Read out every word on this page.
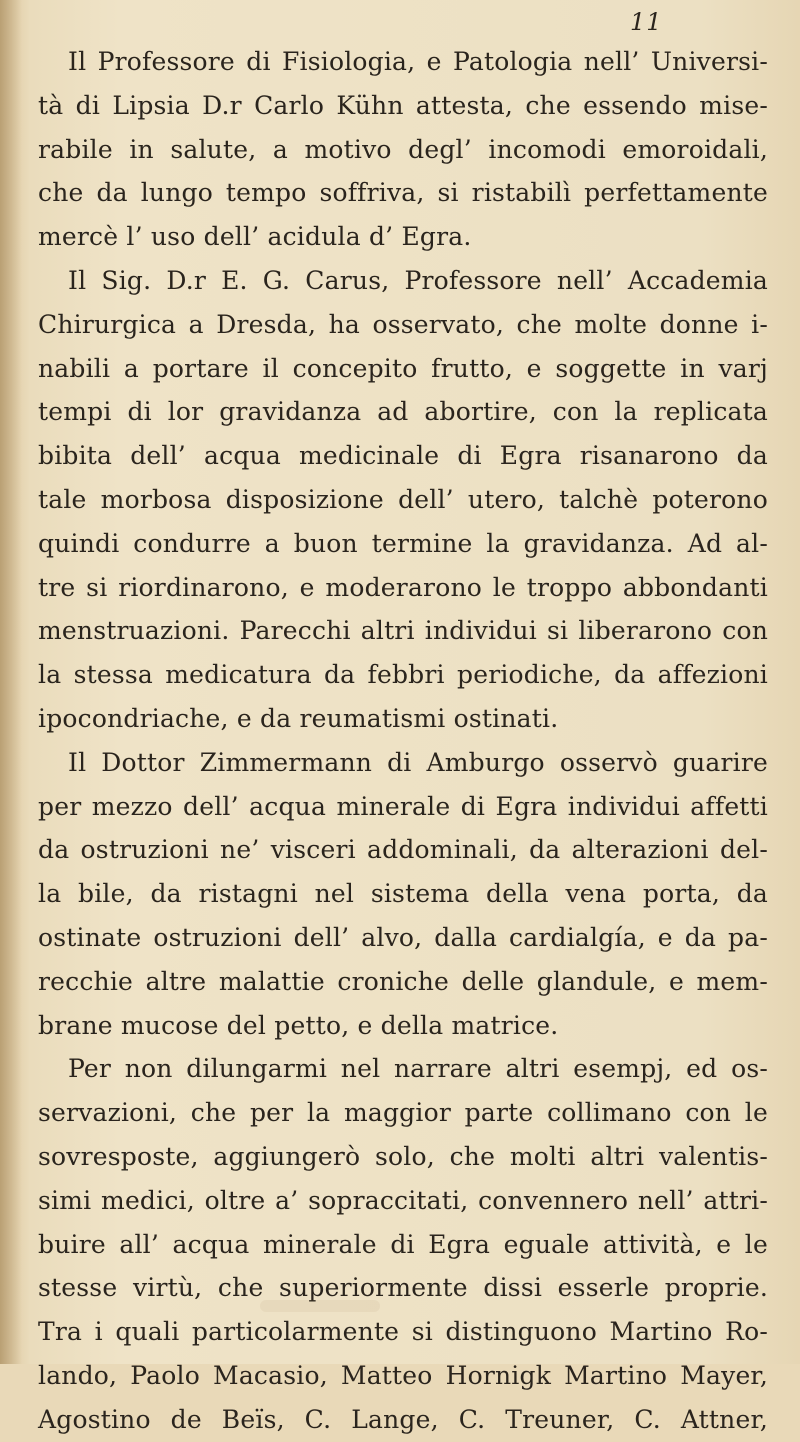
11
Il Professore di Fisiologia, e Patologia nell’ Universi-
tà di Lipsia D.r Carlo Kühn attesta, che essendo mise-
rabile in salute, a motivo degl’ incomodi emoroidali,
che da lungo tempo soffriva, si ristabilì perfettamente
mercè l’ uso dell’ acidula d’ Egra.
Il Sig. D.r E. G. Carus, Professore nell’ Accademia
Chirurgica a Dresda, ha osservato, che molte donne i-
nabili a portare il concepito frutto, e soggette in varj
tempi di lor gravidanza ad abortire, con la replicata
bibita dell’ acqua medicinale di Egra risanarono da
tale morbosa disposizione dell’ utero, talchè poterono
quindi condurre a buon termine la gravidanza. Ad al-
tre si riordinarono, e moderarono le troppo abbondanti
menstruazioni. Parecchi altri individui si liberarono con
la stessa medicatura da febbri periodiche, da affezioni
ipocondriache, e da reumatismi ostinati.
Il Dottor Zimmermann di Amburgo osservò guarire
per mezzo dell’ acqua minerale di Egra individui affetti
da ostruzioni ne’ visceri addominali, da alterazioni del-
la bile, da ristagni nel sistema della vena porta, da
ostinate ostruzioni dell’ alvo, dalla cardialgía, e da pa-
recchie altre malattie croniche delle glandule, e mem-
brane mucose del petto, e della matrice.
Per non dilungarmi nel narrare altri esempj, ed os-
servazioni, che per la maggior parte collimano con le
sovresposte, aggiungerò solo, che molti altri valentis-
simi medici, oltre a’ sopraccitati, convennero nell’ attri-
buire all’ acqua minerale di Egra eguale attività, e le
stesse virtù, che superiormente dissi esserle proprie.
Tra i quali particolarmente si distinguono Martino Ro-
lando, Paolo Macasio, Matteo Hornigk Martino Mayer,
Agostino de Beïs, C. Lange, C. Treuner, C. Attner,
